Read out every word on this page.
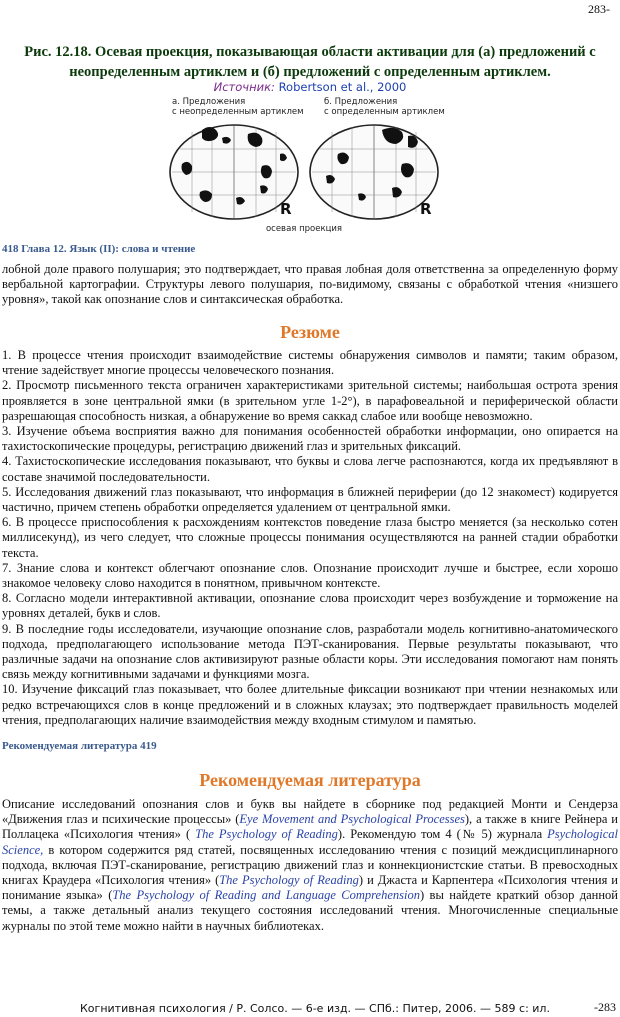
283-
Рис. 12.18. Осевая проекция, показывающая области активации для (а) предложений с неопределенным артиклем и (б) предложений с определенным артиклем.
Источник: Robertson et al., 2000
а. Предложения
с неопределенным артиклем
б. Предложения
с определенным артиклем
R	R
осевая проекция
418 Глава 12. Язык (II): слова и чтение
лобной доле правого полушария; это подтверждает, что правая лобная доля ответственна за определенную форму вербальной картографии. Структуры левого полушария, по-видимому, связаны с обработкой чтения «низшего уровня», такой как опознание слов и синтаксическая обработка.
Резюме

1. В процессе чтения происходит взаимодействие системы обнаружения символов и памяти; таким образом, чтение задействует многие процессы человеческого познания.

2. Просмотр письменного текста ограничен характеристиками зрительной системы; наибольшая острота зрения проявляется в зоне центральной ямки (в зрительном угле 1-2°), в парафовеальной и периферической области разрешающая способность низкая, а обнаружение во время саккад слабое или вообще невозможно.

3. Изучение объема восприятия важно для понимания особенностей обработки информации, оно опирается на тахистоскопические процедуры, регистрацию движений глаз и зрительных фиксаций.

4. Тахистоскопические исследования показывают, что буквы и слова легче распознаются, когда их предъявляют в составе значимой последовательности.

5. Исследования движений глаз показывают, что информация в ближней периферии (до 12 знакомест) кодируется частично, причем степень обработки определяется удалением от центральной ямки.

6. В процессе приспособления к расхождениям контекстов поведение глаза быстро меняется (за несколько сотен миллисекунд), из чего следует, что сложные процессы понимания осуществляются на ранней стадии обработки текста.

7. Знание слова и контекст облегчают опознание слов. Опознание происходит лучше и быстрее, если хорошо знакомое человеку слово находится в понятном, привычном контексте.

8. Согласно модели интерактивной активации, опознание слова происходит через возбуждение и торможение на уровнях деталей, букв и слов.

9. В последние годы исследователи, изучающие опознание слов, разработали модель когнитивно-анатомического подхода, предполагающего использование метода ПЭТ-сканирования. Первые результаты показывают, что различные задачи на опознание слов активизируют разные области коры. Эти исследования помогают нам понять связь между когнитивными задачами и функциями мозга.

10. Изучение фиксаций глаз показывает, что более длительные фиксации возникают при чтении незнакомых или редко встречающихся слов в конце предложений и в сложных клаузах; это подтверждает правильность моделей чтения, предполагающих наличие взаимодействия между входным стимулом и памятью.

Рекомендуемая литература 419
Рекомендуемая литература
Описание исследований опознания слов и букв вы найдете в сборнике под редакцией Монти и Сендерза «Движения глаз и психические процессы» (Eye Movement and Psychological Processes), а также в книге Рейнера и Поллацека «Психология чтения» ( The Psychology of Reading). Рекомендую том 4 (№ 5) журнала Psychological Science, в котором содержится ряд статей, посвященных исследованию чтения с позиций междисциплинарного подхода, включая ПЭТ-сканирование, регистрацию движений глаз и коннекционистские статьи. В превосходных книгах Краудера «Психология чтения» (The Psychology of Reading) и Джаста и Карпентера «Психология чтения и понимание языка» (The Psychology of Reading and Language Comprehension) вы найдете краткий обзор данной темы, а также детальный анализ текущего состояния исследований чтения. Многочисленные специальные журналы по этой теме можно найти в научных библиотеках.
Когнитивная психология / Р. Солсо. — 6-е изд. — СПб.: Питер, 2006. — 589 с: ил.	-283
